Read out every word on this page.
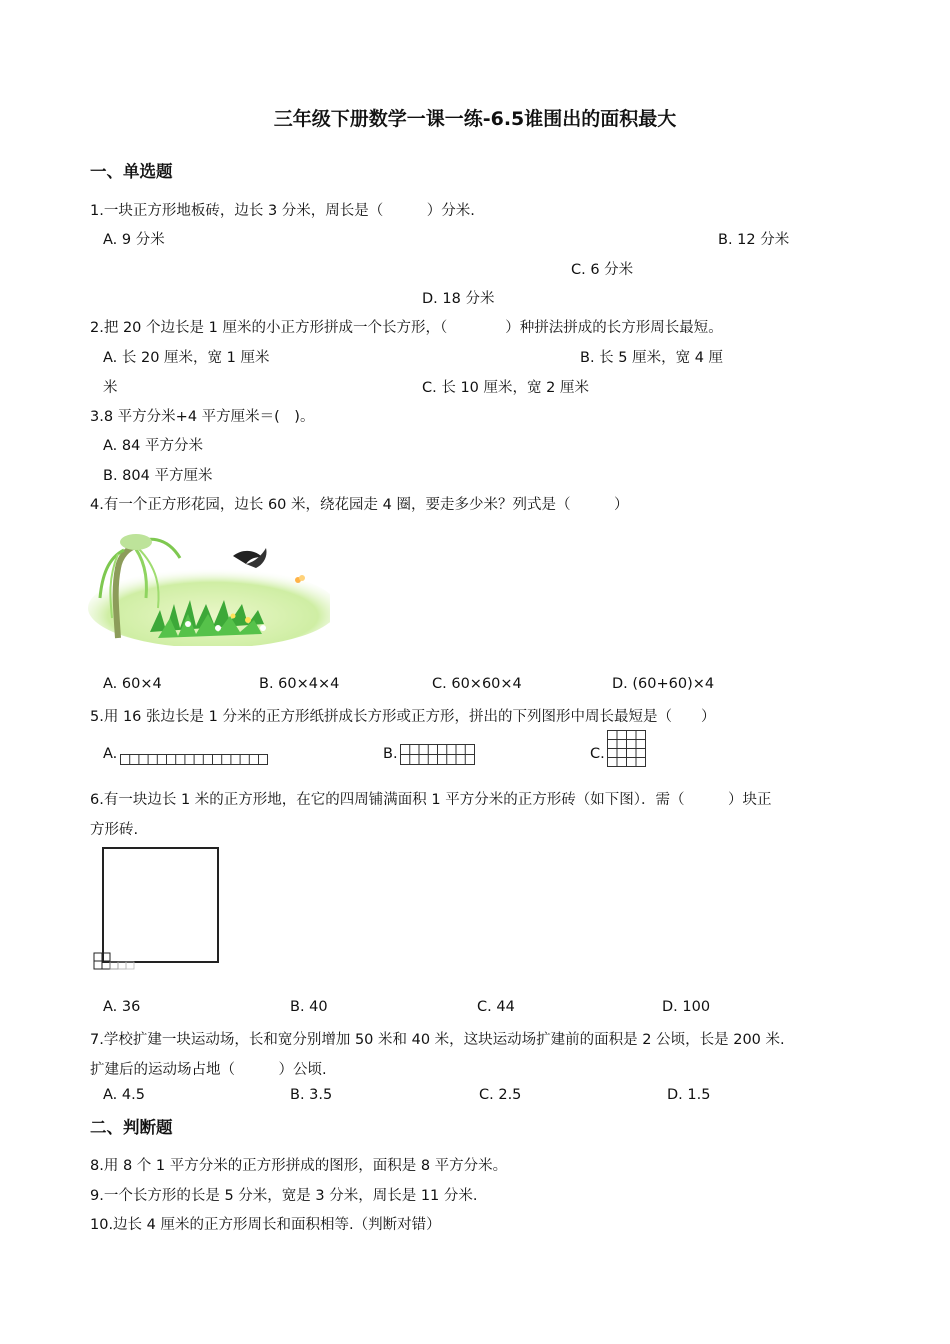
三年级下册数学一课一练-6.5谁围出的面积最大
一、单选题
1.一块正方形地板砖，边长 3 分米，周长是（　　　）分米.
A. 9 分米	B. 12 分米
C. 6 分米
D. 18 分米
2.把 20 个边长是 1 厘米的小正方形拼成一个长方形，（　　　　）种拼法拼成的长方形周长最短。
A. 长 20 厘米，宽 1 厘米	B. 长 5 厘米，宽 4 厘
米	C. 长 10 厘米，宽 2 厘米
3.8 平方分米+4 平方厘米＝(　)。
A. 84 平方分米
B. 804 平方厘米
4.有一个正方形花园，边长 60 米，绕花园走 4 圈，要走多少米？列式是（　　　）
A. 60×4	B. 60×4×4	C. 60×60×4	D. (60+60)×4
5.用 16 张边长是 1 分米的正方形纸拼成长方形或正方形，拼出的下列图形中周长最短是（　　）
A.	B.	C.
6.有一块边长 1 米的正方形地，在它的四周铺满面积 1 平方分米的正方形砖（如下图）．需（　　　）块正
方形砖.
A. 36	B. 40	C. 44	D. 100
7.学校扩建一块运动场，长和宽分别增加 50 米和 40 米，这块运动场扩建前的面积是 2 公顷，长是 200 米.
扩建后的运动场占地（　　　）公顷.
A. 4.5	B. 3.5	C. 2.5	D. 1.5
二、判断题
8.用 8 个 1 平方分米的正方形拼成的图形，面积是 8 平方分米。
9.一个长方形的长是 5 分米，宽是 3 分米，周长是 11 分米.
10.边长 4 厘米的正方形周长和面积相等.（判断对错）
